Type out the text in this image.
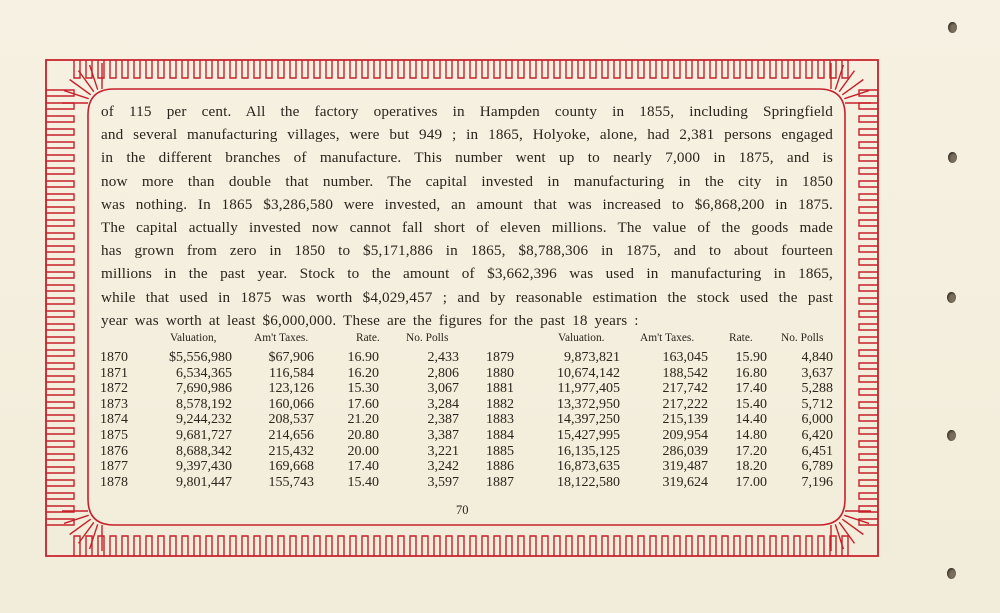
of 115 per cent. All the factory operatives in Hampden county in 1855, including Springfield
and several manufacturing villages, were but 949 ; in 1865, Holyoke, alone, had 2,381 persons engaged
in the different branches of manufacture. This number went up to nearly 7,000 in 1875, and is
now more than double that number. The capital invested in manufacturing in the city in 1850
was nothing. In 1865 $3,286,580 were invested, an amount that was increased to $6,868,200 in 1875.
The capital actually invested now cannot fall short of eleven millions. The value of the goods made
has grown from zero in 1850 to $5,171,886 in 1865, $8,788,306 in 1875, and to about fourteen
millions in the past year. Stock to the amount of $3,662,396 was used in manufacturing in 1865,
while that used in 1875 was worth $4,029,457 ; and by reasonable estimation the stock used the past
year was worth at least $6,000,000. These are the figures for the past 18 years :
Valuation,	Am't Taxes.	Rate. No. Polls
1870	$5,556,980	$67,906 16.90	2,433
1871	6,534,365	116,584 16.20	2,806
1872	7,690,986	123,126 15.30	3,067
1873	8,578,192	160,066 17.60	3,284
1874	9,244,232	208,537 21.20	2,387
1875	9,681,727	214,656 20.80	3,387
1876	8,688,342	215,432 20.00	3,221
1877	9,397,430	169,668 17.40	3,242
1878	9,801,447	155,743 15.40	3,597
Valuation.	Am't Taxes.	Rate. No. Polls
1879	9,873,821	163,045 15.90 4,840
1880	10,674,142	188,542 16.80 3,637
1881	11,977,405	217,742 17.40 5,288
1882	13,372,950	217,222 15.40 5,712
1883	14,397,250	215,139 14.40 6,000
1884	15,427,995	209,954 14.80 6,420
1885	16,135,125	286,039 17.20 6,451
1886	16,873,635	319,487 18.20 6,789
1887	18,122,580	319,624 17.00 7,196
70
